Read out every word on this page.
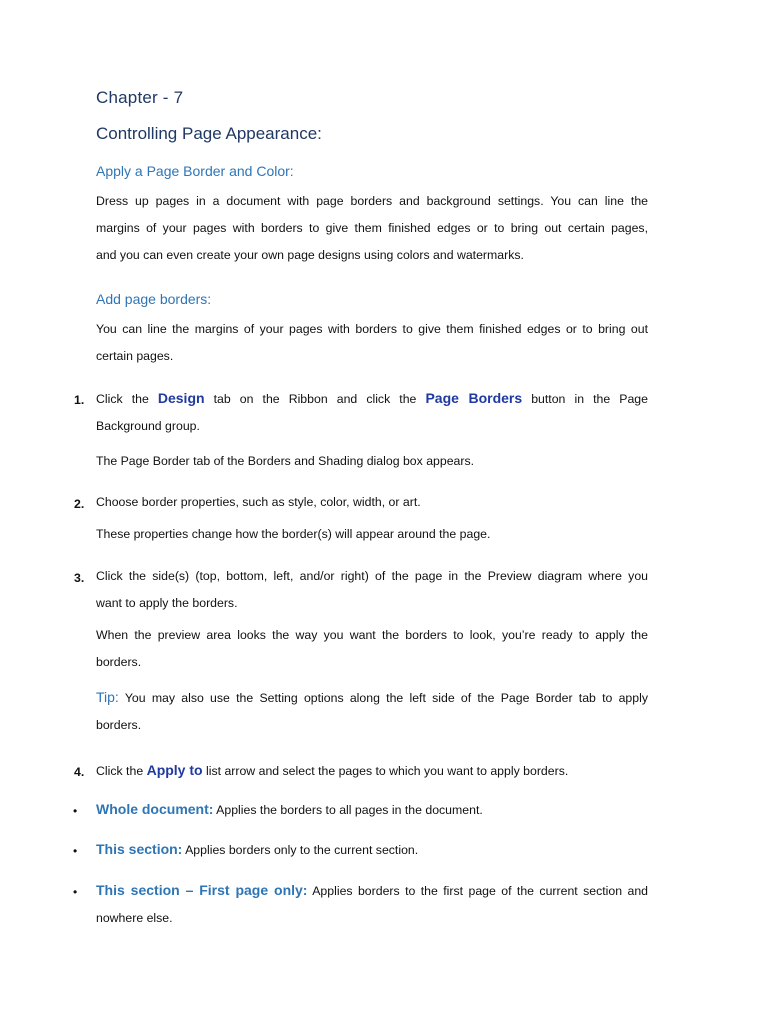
Chapter - 7
Controlling Page Appearance:
Apply a Page Border and Color:
Dress up pages in a document with page borders and background settings. You can line the
margins of your pages with borders to give them finished edges or to bring out certain pages,
and you can even create your own page designs using colors and watermarks.
Add page borders:
You can line the margins of your pages with borders to give them finished edges or to bring out
certain pages.
1. Click the Design tab on the Ribbon and click the Page Borders button in the Page
Background group.
The Page Border tab of the Borders and Shading dialog box appears.
2. Choose border properties, such as style, color, width, or art.
These properties change how the border(s) will appear around the page.
3. Click the side(s) (top, bottom, left, and/or right) of the page in the Preview diagram where you
want to apply the borders.
When the preview area looks the way you want the borders to look, you’re ready to apply the
borders.
Tip: You may also use the Setting options along the left side of the Page Border tab to apply
borders.
4. Click the Apply to list arrow and select the pages to which you want to apply borders.
• Whole document: Applies the borders to all pages in the document.
• This section: Applies borders only to the current section.
• This section – First page only: Applies borders to the first page of the current section and
nowhere else.
